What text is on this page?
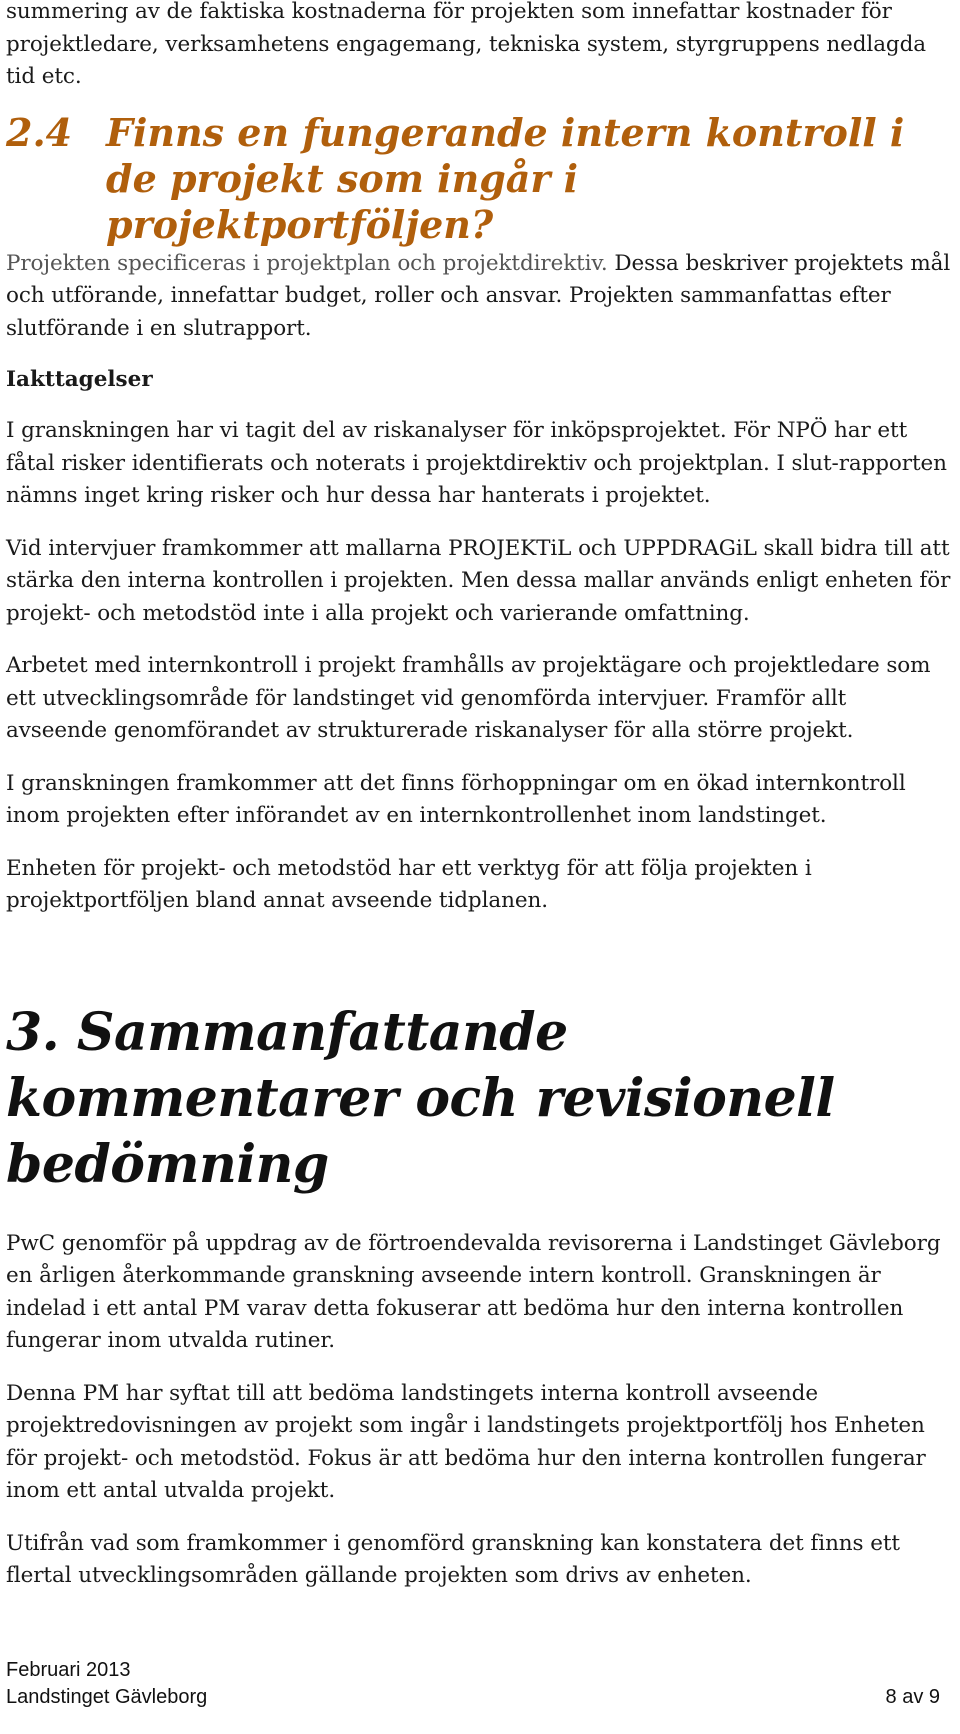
summering av de faktiska kostnaderna för projekten som innefattar kostnader för projektledare, verksamhetens engagemang, tekniska system, styrgruppens nedlagda tid etc.

2.4 Finns en fungerande intern kontroll i de projekt som ingår i projektportföljen?

Projekten specificeras i projektplan och projektdirektiv. Dessa beskriver projektets mål och utförande, innefattar budget, roller och ansvar. Projekten sammanfattas efter slutförande i en slutrapport.

Iakttagelser

I granskningen har vi tagit del av riskanalyser för inköpsprojektet. För NPÖ har ett fåtal risker identifierats och noterats i projektdirektiv och projektplan. I slut-rapporten nämns inget kring risker och hur dessa har hanterats i projektet.

Vid intervjuer framkommer att mallarna PROJEKTiL och UPPDRAGiL skall bidra till att stärka den interna kontrollen i projekten. Men dessa mallar används enligt enheten för projekt- och metodstöd inte i alla projekt och varierande omfattning.

Arbetet med internkontroll i projekt framhålls av projektägare och projektledare som ett utvecklingsområde för landstinget vid genomförda intervjuer. Framför allt avseende genomförandet av strukturerade riskanalyser för alla större projekt.

I granskningen framkommer att det finns förhoppningar om en ökad internkontroll inom projekten efter införandet av en internkontrollenhet inom landstinget.

Enheten för projekt- och metodstöd har ett verktyg för att följa projekten i projektportföljen bland annat avseende tidplanen.

3. Sammanfattande kommentarer och revisionell bedömning

PwC genomför på uppdrag av de förtroendevalda revisorerna i Landstinget Gävleborg en årligen återkommande granskning avseende intern kontroll. Granskningen är indelad i ett antal PM varav detta fokuserar att bedöma hur den interna kontrollen fungerar inom utvalda rutiner.

Denna PM har syftat till att bedöma landstingets interna kontroll avseende projektredovisningen av projekt som ingår i landstingets projektportfölj hos Enheten för projekt- och metodstöd. Fokus är att bedöma hur den interna kontrollen fungerar inom ett antal utvalda projekt.

Utifrån vad som framkommer i genomförd granskning kan konstatera det finns ett flertal utvecklingsområden gällande projekten som drivs av enheten.

Februari 2013
Landstinget Gävleborg	8 av 9
